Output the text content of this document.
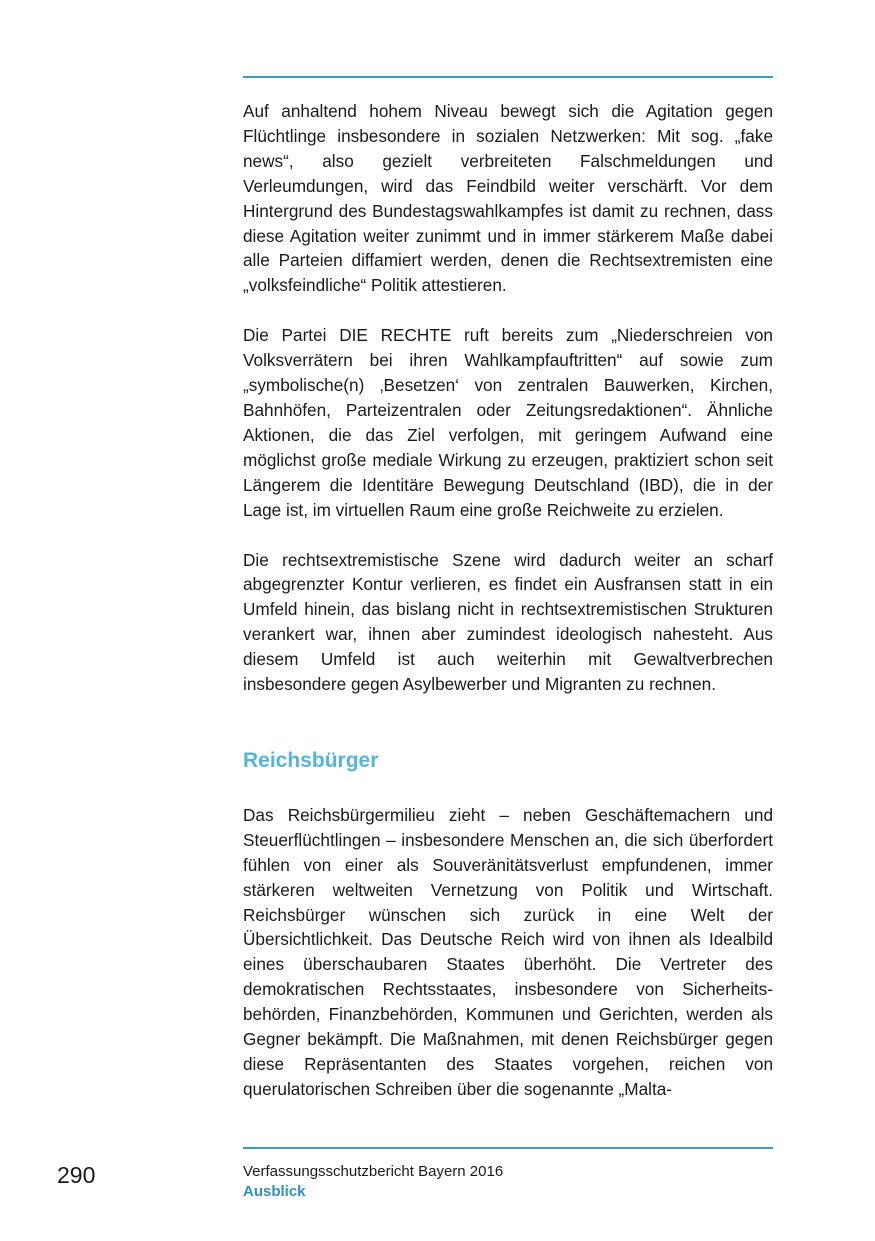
Auf anhaltend hohem Niveau bewegt sich die Agitation gegen Flüchtlinge insbesondere in sozialen Netzwerken: Mit sog. „fake news“, also gezielt verbreiteten Falschmeldungen und Verleumdungen, wird das Feindbild weiter verschärft. Vor dem Hintergrund des Bundestagswahlkampfes ist damit zu rechnen, dass diese Agitation weiter zunimmt und in immer stärkerem Maße dabei alle Parteien diffamiert werden, denen die Rechtsextremisten eine „volksfeindliche“ Politik attestieren.

Die Partei DIE RECHTE ruft bereits zum „Niederschreien von Volksverrätern bei ihren Wahlkampfauftritten“ auf sowie zum „symbolische(n) ‚Besetzen‘ von zentralen Bauwerken, Kirchen, Bahnhöfen, Parteizentralen oder Zeitungsredaktionen“. Ähnliche Aktionen, die das Ziel verfolgen, mit geringem Aufwand eine möglichst große mediale Wirkung zu erzeugen, praktiziert schon seit Längerem die Identitäre Bewegung Deutschland (IBD), die in der Lage ist, im virtuellen Raum eine große Reichweite zu erzielen.

Die rechtsextremistische Szene wird dadurch weiter an scharf abgegrenzter Kontur verlieren, es findet ein Ausfransen statt in ein Umfeld hinein, das bislang nicht in rechtsextremistischen Strukturen verankert war, ihnen aber zumindest ideologisch nahesteht. Aus diesem Umfeld ist auch weiterhin mit Gewaltverbrechen insbesondere gegen Asylbewerber und Migranten zu rechnen.

Reichsbürger

Das Reichsbürgermilieu zieht – neben Geschäftemachern und Steuerflüchtlingen – insbesondere Menschen an, die sich überfordert fühlen von einer als Souveränitätsverlust empfundenen, immer stärkeren weltweiten Vernetzung von Politik und Wirtschaft. Reichsbürger wünschen sich zurück in eine Welt der Übersichtlichkeit. Das Deutsche Reich wird von ihnen als Idealbild eines überschaubaren Staates überhöht. Die Vertreter des demokratischen Rechtsstaates, insbesondere von Sicherheitsbehörden, Finanzbehörden, Kommunen und Gerichten, werden als Gegner bekämpft. Die Maßnahmen, mit denen Reichsbürger gegen diese Repräsentanten des Staates vorgehen, reichen von querulatorischen Schreiben über die sogenannte „Malta-

290	Verfassungsschutzbericht Bayern 2016
Ausblick
